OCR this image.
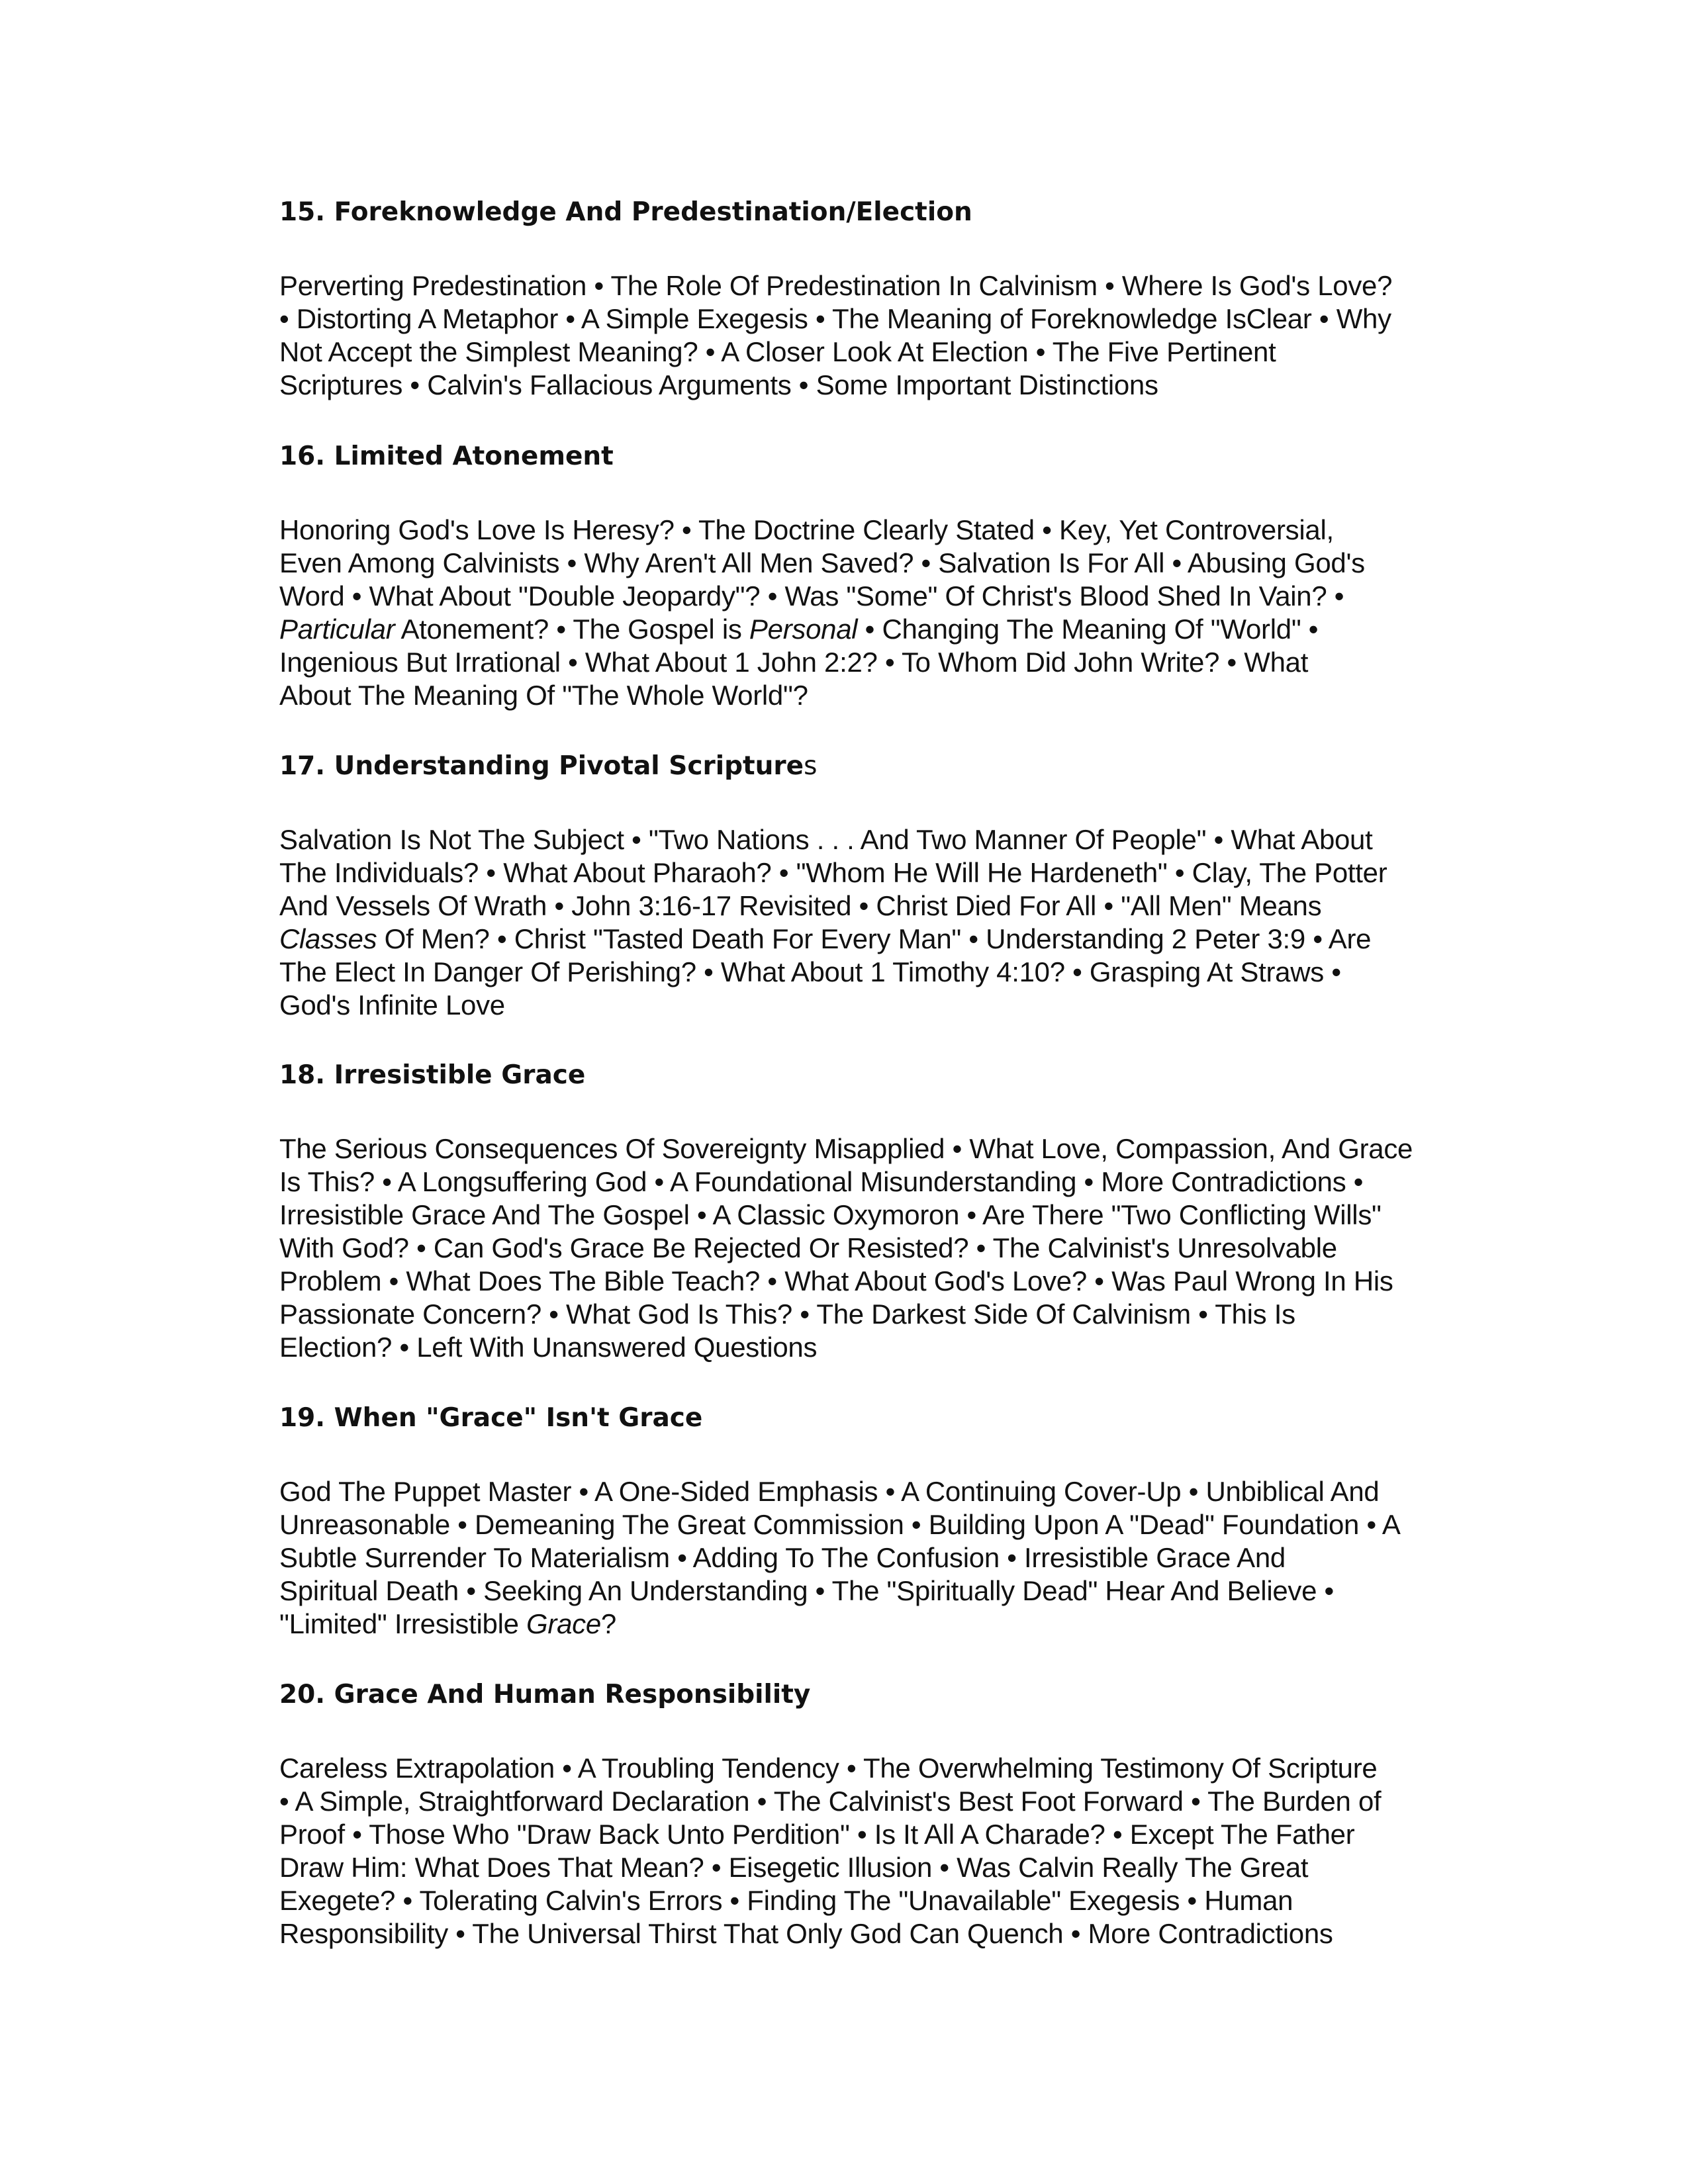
15. Foreknowledge And Predestination/Election
Perverting Predestination • The Role Of Predestination In Calvinism • Where Is God's Love?
• Distorting A Metaphor • A Simple Exegesis • The Meaning of Foreknowledge IsClear • Why
Not Accept the Simplest Meaning? • A Closer Look At Election • The Five Pertinent
Scriptures • Calvin's Fallacious Arguments • Some Important Distinctions
16. Limited Atonement
Honoring God's Love Is Heresy? • The Doctrine Clearly Stated • Key, Yet Controversial,
Even Among Calvinists • Why Aren't All Men Saved? • Salvation Is For All • Abusing God's
Word • What About "Double Jeopardy"? • Was "Some" Of Christ's Blood Shed In Vain? •
Particular Atonement? • The Gospel is Personal • Changing The Meaning Of "World" •
Ingenious But Irrational • What About 1 John 2:2? • To Whom Did John Write? • What
About The Meaning Of "The Whole World"?
17. Understanding Pivotal Scriptures
Salvation Is Not The Subject • "Two Nations . . . And Two Manner Of People" • What About
The Individuals? • What About Pharaoh? • "Whom He Will He Hardeneth" • Clay, The Potter
And Vessels Of Wrath • John 3:16-17 Revisited • Christ Died For All • "All Men" Means
Classes Of Men? • Christ "Tasted Death For Every Man" • Understanding 2 Peter 3:9 • Are
The Elect In Danger Of Perishing? • What About 1 Timothy 4:10? • Grasping At Straws •
God's Infinite Love
18. Irresistible Grace
The Serious Consequences Of Sovereignty Misapplied • What Love, Compassion, And Grace
Is This? • A Longsuffering God • A Foundational Misunderstanding • More Contradictions •
Irresistible Grace And The Gospel • A Classic Oxymoron • Are There "Two Conflicting Wills"
With God? • Can God's Grace Be Rejected Or Resisted? • The Calvinist's Unresolvable
Problem • What Does The Bible Teach? • What About God's Love? • Was Paul Wrong In His
Passionate Concern? • What God Is This? • The Darkest Side Of Calvinism • This Is
Election? • Left With Unanswered Questions
19. When "Grace" Isn't Grace
God The Puppet Master • A One-Sided Emphasis • A Continuing Cover-Up • Unbiblical And
Unreasonable • Demeaning The Great Commission • Building Upon A "Dead" Foundation • A
Subtle Surrender To Materialism • Adding To The Confusion • Irresistible Grace And
Spiritual Death • Seeking An Understanding • The "Spiritually Dead" Hear And Believe •
"Limited" Irresistible Grace?
20. Grace And Human Responsibility
Careless Extrapolation • A Troubling Tendency • The Overwhelming Testimony Of Scripture
• A Simple, Straightforward Declaration • The Calvinist's Best Foot Forward • The Burden of
Proof • Those Who "Draw Back Unto Perdition" • Is It All A Charade? • Except The Father
Draw Him: What Does That Mean? • Eisegetic Illusion • Was Calvin Really The Great
Exegete? • Tolerating Calvin's Errors • Finding The "Unavailable" Exegesis • Human
Responsibility • The Universal Thirst That Only God Can Quench • More Contradictions
